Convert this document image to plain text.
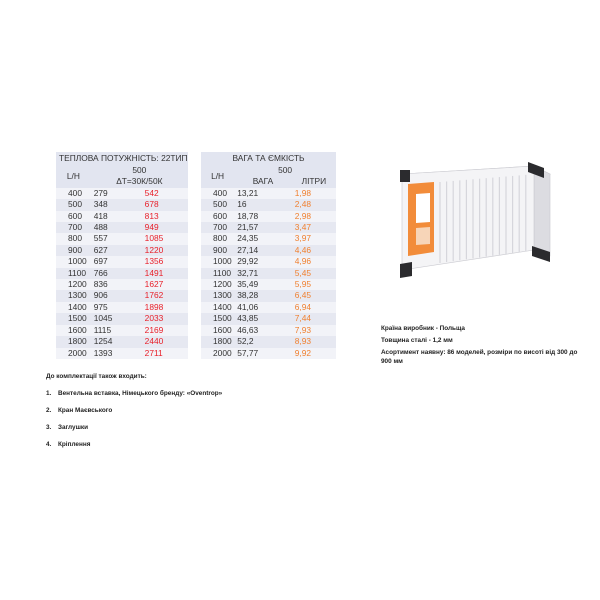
ТЕПЛОВА ПОТУЖНІСТЬ: 22ТИП		
L/Н	500	
	ΔТ=30К/50К	
400	279	542
500	348	678
600	418	813
700	488	949
800	557	1085
900	627	1220
1000	697	1356
1100	766	1491
1200	836	1627
1300	906	1762
1400	975	1898
1500	1045	2033
1600	1115	2169
1800	1254	2440
2000	1393	2711
ВАГА ТА ЄМКІСТЬ		
L/Н	500	
	ВАГА	ЛІТРИ
400	13,21	1,98
500	16	2,48
600	18,78	2,98
700	21,57	3,47
800	24,35	3,97
900	27,14	4,46
1000	29,92	4,96
1100	32,71	5,45
1200	35,49	5,95
1300	38,28	6,45
1400	41,06	6,94
1500	43,85	7,44
1600	46,63	7,93
1800	52,2	8,93
2000	57,77	9,92
Країна виробник - Польща
Товщина сталі - 1,2 мм
Асортимент наявну: 86 моделей, розміри по висоті від 300 до 900 мм

До комплектації також входить:

1.	Вентельна вставка, Німецького бренду: «Oventrop»
2.	Кран Маєвського
3.	Заглушки
4.	Кріплення
